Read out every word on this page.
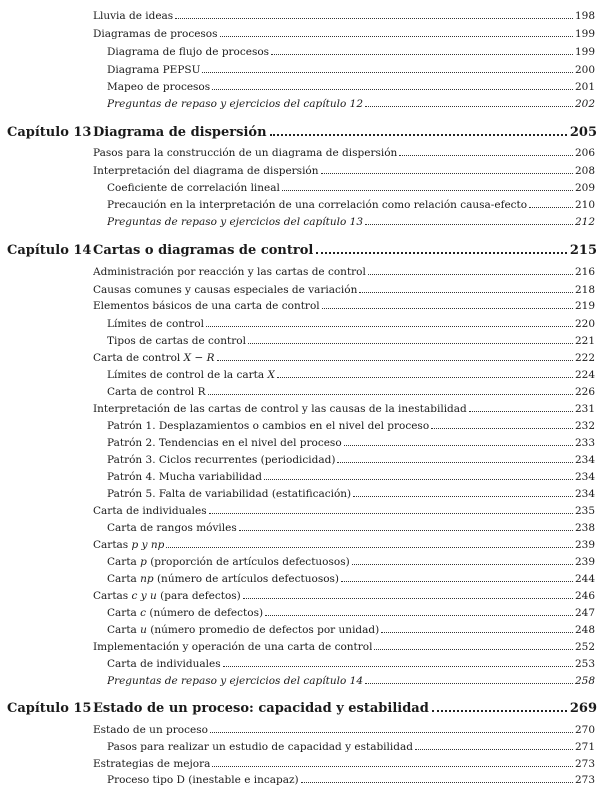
Lluvia de ideas	198
Diagramas de procesos	199
Diagrama de flujo de procesos	199
Diagrama PEPSU	200
Mapeo de procesos	201
Preguntas de repaso y ejercicios del capítulo 12	202
Capítulo 13 Diagrama de dispersión	205
Pasos para la construcción de un diagrama de dispersión	206
Interpretación del diagrama de dispersión	208
Coeficiente de correlación lineal	209
Precaución en la interpretación de una correlación como relación causa-efecto	210
Preguntas de repaso y ejercicios del capítulo 13	212
Capítulo 14 Cartas o diagramas de control	215
Administración por reacción y las cartas de control	216
Causas comunes y causas especiales de variación	218
Elementos básicos de una carta de control	219
Límites de control	220
Tipos de cartas de control	221
Carta de control $\overline{X} - R$	222
Límites de control de la carta $\overline{X}$	224
Carta de control R	226
Interpretación de las cartas de control y las causas de la inestabilidad	231
Patrón 1. Desplazamientos o cambios en el nivel del proceso	232
Patrón 2. Tendencias en el nivel del proceso	233
Patrón 3. Ciclos recurrentes (periodicidad)	234
Patrón 4. Mucha variabilidad	234
Patrón 5. Falta de variabilidad (estatificación)	234
Carta de individuales	235
Carta de rangos móviles	238
Cartas p y np	239
Carta p (proporción de artículos defectuosos)	239
Carta np (número de artículos defectuosos)	244
Cartas c y u (para defectos)	246
Carta c (número de defectos)	247
Carta u (número promedio de defectos por unidad)	248
Implementación y operación de una carta de control	252
Carta de individuales	253
Preguntas de repaso y ejercicios del capítulo 14	258
Capítulo 15 Estado de un proceso: capacidad y estabilidad	269
Estado de un proceso	270
Pasos para realizar un estudio de capacidad y estabilidad	271
Estrategias de mejora	273
Proceso tipo D (inestable e incapaz)	273
